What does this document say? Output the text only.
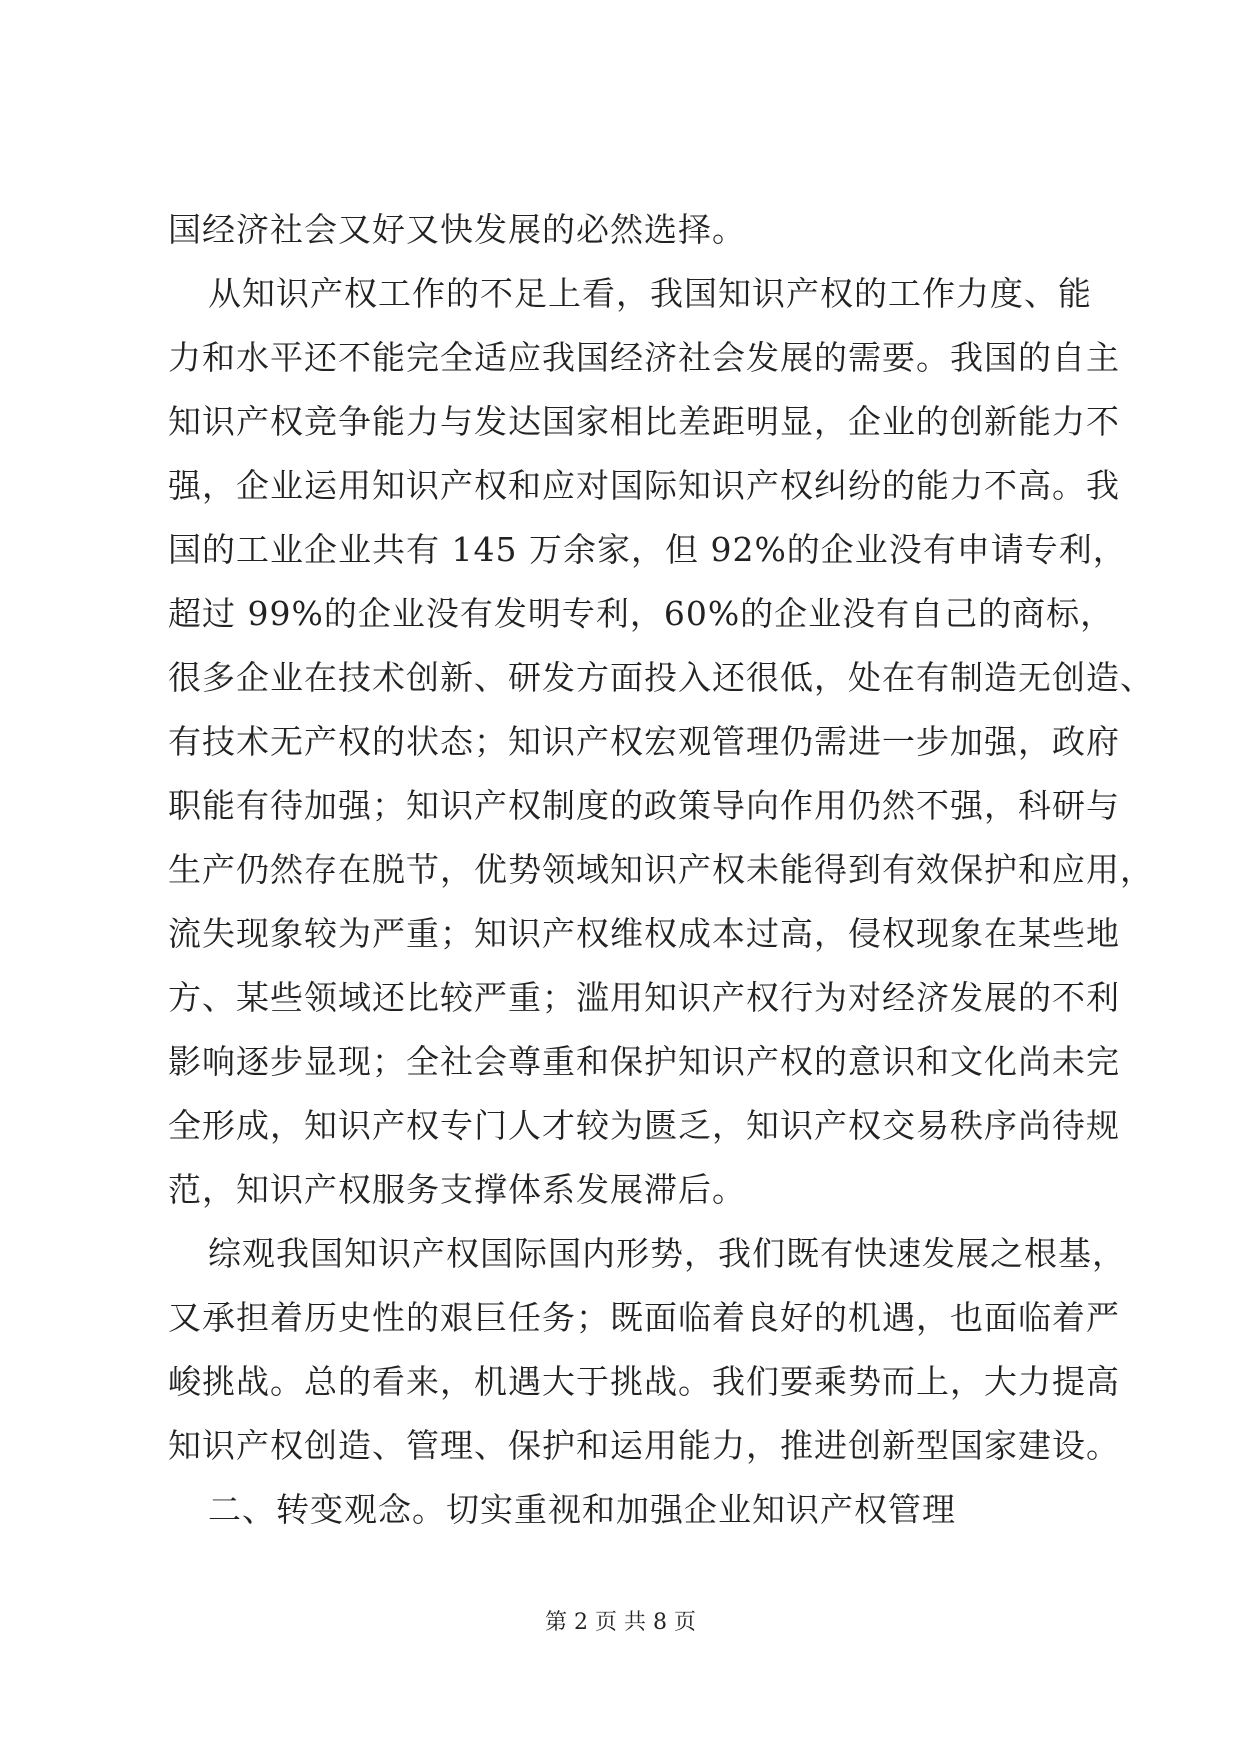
国经济社会又好又快发展的必然选择。
从知识产权工作的不足上看，我国知识产权的工作力度、能
力和水平还不能完全适应我国经济社会发展的需要。我国的自主
知识产权竞争能力与发达国家相比差距明显，企业的创新能力不
强，企业运用知识产权和应对国际知识产权纠纷的能力不高。我
国的工业企业共有 145 万余家，但 92%的企业没有申请专利，
超过 99%的企业没有发明专利，60%的企业没有自己的商标，
很多企业在技术创新、研发方面投入还很低，处在有制造无创造、
有技术无产权的状态；知识产权宏观管理仍需进一步加强，政府
职能有待加强；知识产权制度的政策导向作用仍然不强，科研与
生产仍然存在脱节，优势领域知识产权未能得到有效保护和应用，
流失现象较为严重；知识产权维权成本过高，侵权现象在某些地
方、某些领域还比较严重；滥用知识产权行为对经济发展的不利
影响逐步显现；全社会尊重和保护知识产权的意识和文化尚未完
全形成，知识产权专门人才较为匮乏，知识产权交易秩序尚待规
范，知识产权服务支撑体系发展滞后。
综观我国知识产权国际国内形势，我们既有快速发展之根基，
又承担着历史性的艰巨任务；既面临着良好的机遇，也面临着严
峻挑战。总的看来，机遇大于挑战。我们要乘势而上，大力提高
知识产权创造、管理、保护和运用能力，推进创新型国家建设。
二、转变观念。切实重视和加强企业知识产权管理
第 2 页 共 8 页
